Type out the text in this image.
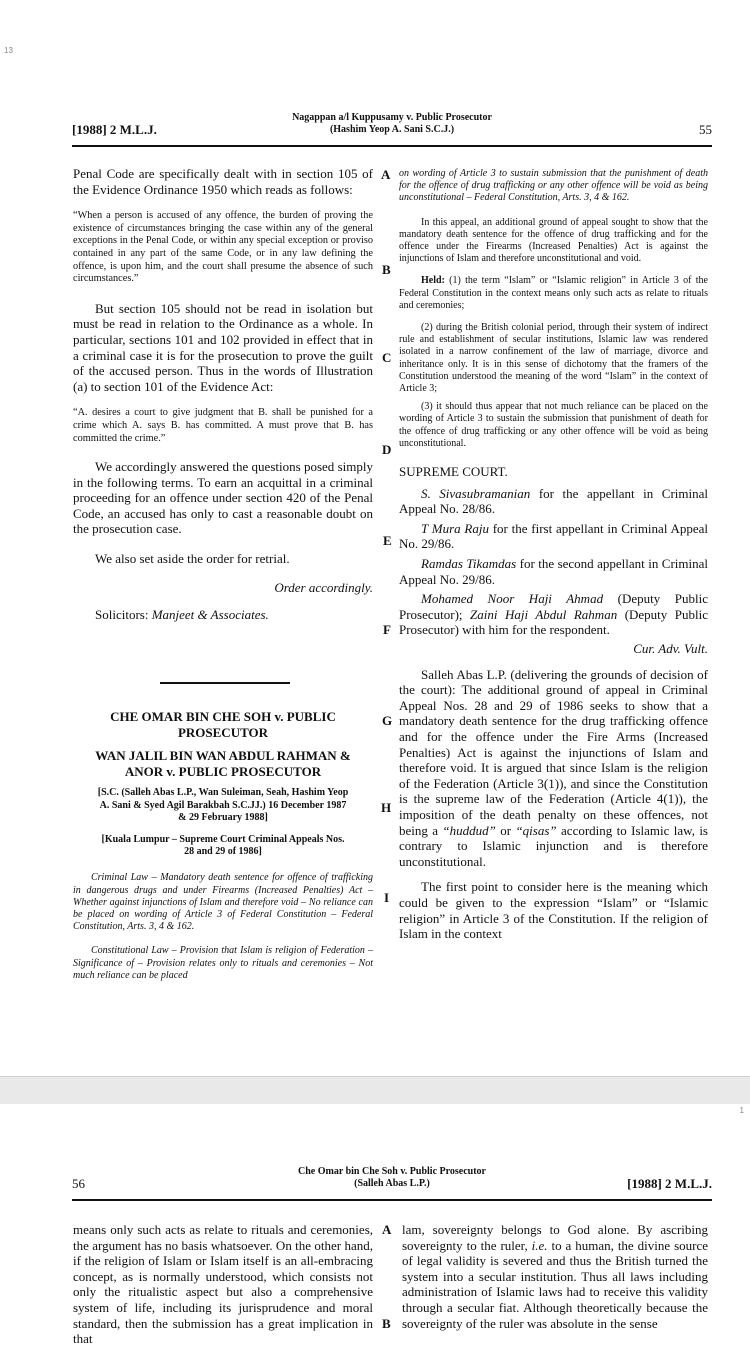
13
[1988] 2 M.L.J.
Nagappan a/l Kuppusamy v. Public Prosecutor
(Hashim Yeop A. Sani S.C.J.)	55

Penal Code are specifically dealt with in section 105 of the Evidence Ordinance 1950 which reads as follows:

“When a person is accused of any offence, the burden of proving the existence of circumstances bringing the case within any of the general exceptions in the Penal Code, or within any special exception or proviso contained in any part of the same Code, or in any law defining the offence, is upon him, and the court shall presume the absence of such circumstances.”

But section 105 should not be read in isolation but must be read in relation to the Ordinance as a whole. In particular, sections 101 and 102 provided in effect that in a criminal case it is for the prosecution to prove the guilt of the accused person. Thus in the words of Illustration (a) to section 101 of the Evidence Act:

“A. desires a court to give judgment that B. shall be punished for a crime which A. says B. has committed. A must prove that B. has committed the crime.”

We accordingly answered the questions posed simply in the following terms. To earn an acquittal in a criminal proceeding for an offence under section 420 of the Penal Code, an accused has only to cast a reasonable doubt on the prosecution case.

We also set aside the order for retrial.

Order accordingly.

Solicitors: Manjeet & Associates.

CHE OMAR BIN CHE SOH v. PUBLIC PROSECUTOR

WAN JALIL BIN WAN ABDUL RAHMAN & ANOR v. PUBLIC PROSECUTOR

[S.C. (Salleh Abas L.P., Wan Suleiman, Seah, Hashim Yeop A. Sani & Syed Agil Barakbah S.C.JJ.) 16 December 1987 & 29 February 1988]

[Kuala Lumpur – Supreme Court Criminal Appeals Nos. 28 and 29 of 1986]

Criminal Law – Mandatory death sentence for offence of trafficking in dangerous drugs and under Firearms (Increased Penalties) Act – Whether against injunctions of Islam and therefore void – No reliance can be placed on wording of Article 3 of Federal Constitution – Federal Constitution, Arts. 3, 4 & 162.

Constitutional Law – Provision that Islam is religion of Federation – Significance of – Provision relates only to rituals and ceremonies – Not much reliance can be placed

on wording of Article 3 to sustain submission that the punishment of death for the offence of drug trafficking or any other offence will be void as being unconstitutional – Federal Constitution, Arts. 3, 4 & 162.

In this appeal, an additional ground of appeal sought to show that the mandatory death sentence for the offence of drug trafficking and for the offence under the Firearms (Increased Penalties) Act is against the injunctions of Islam and therefore unconstitutional and void.

Held: (1) the term “Islam” or “Islamic religion” in Article 3 of the Federal Constitution in the context means only such acts as relate to rituals and ceremonies;

(2) during the British colonial period, through their system of indirect rule and establishment of secular institutions, Islamic law was rendered isolated in a narrow confinement of the law of marriage, divorce and inheritance only. It is in this sense of dichotomy that the framers of the Constitution understood the meaning of the word “Islam” in the context of Article 3;

(3) it should thus appear that not much reliance can be placed on the wording of Article 3 to sustain the submission that punishment of death for the offence of drug trafficking or any other offence will be void as being unconstitutional.

SUPREME COURT.

S. Sivasubramanian for the appellant in Criminal Appeal No. 28/86.

T Mura Raju for the first appellant in Criminal Appeal No. 29/86.

Ramdas Tikamdas for the second appellant in Criminal Appeal No. 29/86.

Mohamed Noor Haji Ahmad (Deputy Public Prosecutor); Zaini Haji Abdul Rahman (Deputy Public Prosecutor) with him for the respondent.

Cur. Adv. Vult.

Salleh Abas L.P. (delivering the grounds of decision of the court): The additional ground of appeal in Criminal Appeal Nos. 28 and 29 of 1986 seeks to show that a mandatory death sentence for the drug trafficking offence and for the offence under the Fire Arms (Increased Penalties) Act is against the injunctions of Islam and therefore void. It is argued that since Islam is the religion of the Federation (Article 3(1)), and since the Constitution is the supreme law of the Federation (Article 4(1)), the imposition of the death penalty on these offences, not being a “huddud” or “qisas” according to Islamic law, is contrary to Islamic injunction and is therefore unconstitutional.

The first point to consider here is the meaning which could be given to the expression “Islam” or “Islamic religion” in Article 3 of the Constitution. If the religion of Islam in the context

A
B
C
D
E
F
G
H
I
1
56
Che Omar bin Che Soh v. Public Prosecutor
(Salleh Abas L.P.)	[1988] 2 M.L.J.

means only such acts as relate to rituals and ceremonies, the argument has no basis whatsoever. On the other hand, if the religion of Islam or Islam itself is an all-embracing concept, as is normally understood, which consists not only the ritualistic aspect but also a comprehensive system of life, including its jurisprudence and moral standard, then the submission has a great implication in that

lam, sovereignty belongs to God alone. By ascribing sovereignty to the ruler, i.e. to a human, the divine source of legal validity is severed and thus the British turned the system into a secular institution. Thus all laws including administration of Islamic laws had to receive this validity through a secular fiat. Although theoretically because the sovereignty of the ruler was absolute in the sense

A
B
